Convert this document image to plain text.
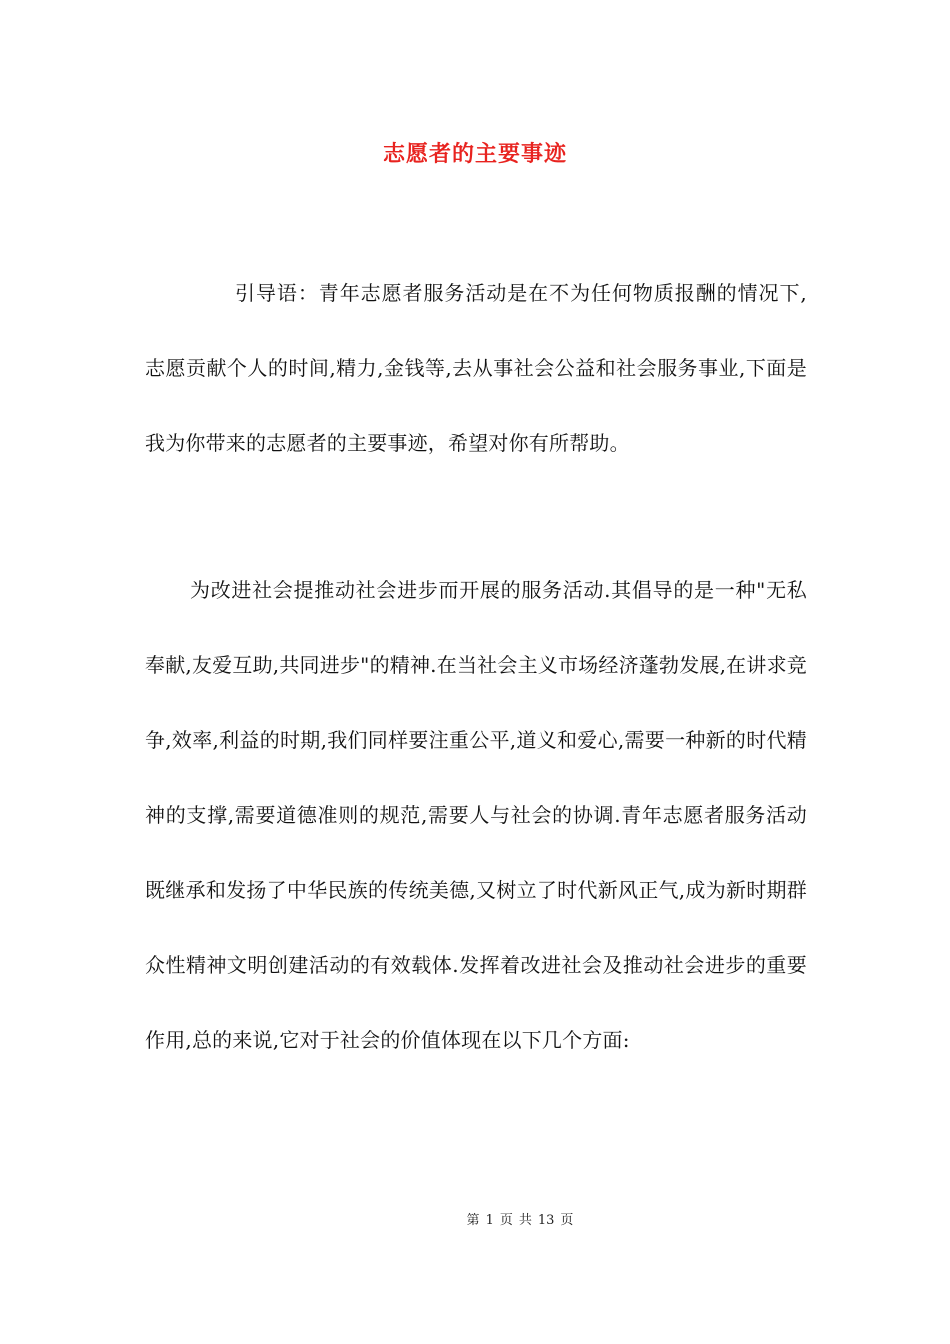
志愿者的主要事迹

引导语：青年志愿者服务活动是在不为任何物质报酬的情况下,志愿贡献个人的时间,精力,金钱等,去从事社会公益和社会服务事业,下面是我为你带来的志愿者的主要事迹，希望对你有所帮助。

为改进社会提推动社会进步而开展的服务活动.其倡导的是一种"无私奉献,友爱互助,共同进步"的精神.在当社会主义市场经济蓬勃发展,在讲求竞争,效率,利益的时期,我们同样要注重公平,道义和爱心,需要一种新的时代精神的支撑,需要道德准则的规范,需要人与社会的协调.青年志愿者服务活动既继承和发扬了中华民族的传统美德,又树立了时代新风正气,成为新时期群众性精神文明创建活动的有效载体.发挥着改进社会及推动社会进步的重要作用,总的来说,它对于社会的价值体现在以下几个方面:

第 1 页 共 13 页
